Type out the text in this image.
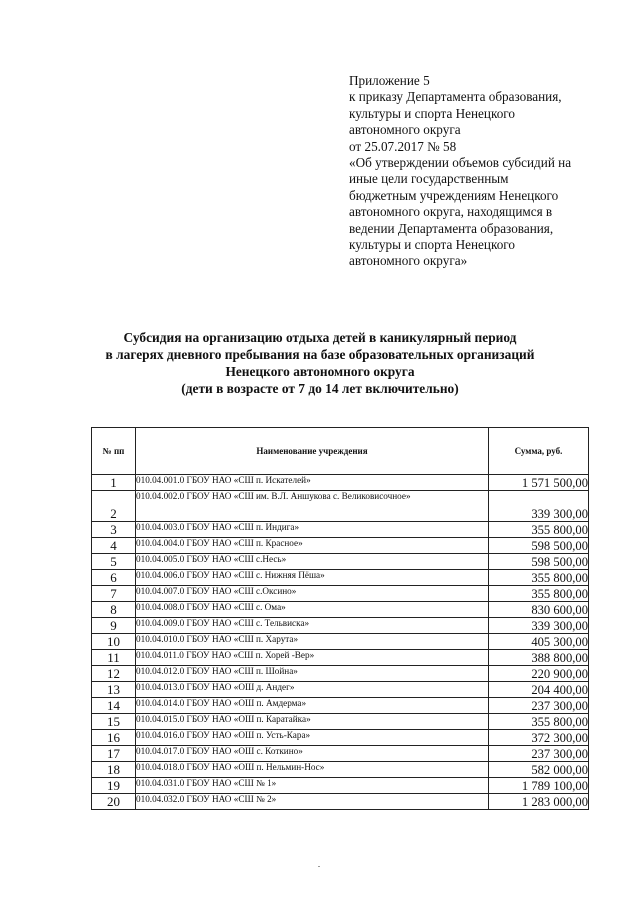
Приложение 5
к приказу Департамента образования,
культуры и спорта Ненецкого
автономного округа
от 25.07.2017 № 58
«Об утверждении объемов субсидий на
иные цели государственным
бюджетным учреждениям Ненецкого
автономного округа, находящимся в
ведении Департамента образования,
культуры и спорта Ненецкого
автономного округа»
Субсидия на организацию отдыха детей в каникулярный период
в лагерях дневного пребывания на базе образовательных организаций
Ненецкого автономного округа
(дети в возрасте от 7 до 14 лет включительно)
№ пп	Наименование учреждения	Сумма, руб.
1	010.04.001.0 ГБОУ НАО «СШ п. Искателей»	1 571 500,00
2	010.04.002.0 ГБОУ НАО «СШ им. В.Л. Аншукова с. Великовисочное»	339 300,00
3	010.04.003.0 ГБОУ НАО «СШ п. Индига»	355 800,00
4	010.04.004.0 ГБОУ НАО «СШ п. Красное»	598 500,00
5	010.04.005.0 ГБОУ НАО «СШ с.Несь»	598 500,00
6	010.04.006.0 ГБОУ НАО «СШ с. Нижняя Пёша»	355 800,00
7	010.04.007.0 ГБОУ НАО «СШ с.Оксино»	355 800,00
8	010.04.008.0 ГБОУ НАО «СШ с. Ома»	830 600,00
9	010.04.009.0 ГБОУ НАО «СШ с. Тельвиска»	339 300,00
10	010.04.010.0 ГБОУ НАО «СШ п. Харута»	405 300,00
11	010.04.011.0 ГБОУ НАО «СШ п. Хорей -Вер»	388 800,00
12	010.04.012.0 ГБОУ НАО «СШ п. Шойна»	220 900,00
13	010.04.013.0 ГБОУ НАО «ОШ д. Андег»	204 400,00
14	010.04.014.0 ГБОУ НАО «ОШ п. Амдерма»	237 300,00
15	010.04.015.0 ГБОУ НАО «ОШ п. Каратайка»	355 800,00
16	010.04.016.0 ГБОУ НАО «ОШ п. Усть-Кара»	372 300,00
17	010.04.017.0 ГБОУ НАО «ОШ с. Коткино»	237 300,00
18	010.04.018.0 ГБОУ НАО «ОШ п. Нельмин-Нос»	582 000,00
19	010.04.031.0 ГБОУ НАО «СШ № 1»	1 789 100,00
20	010.04.032.0 ГБОУ НАО «СШ № 2»	1 283 000,00
